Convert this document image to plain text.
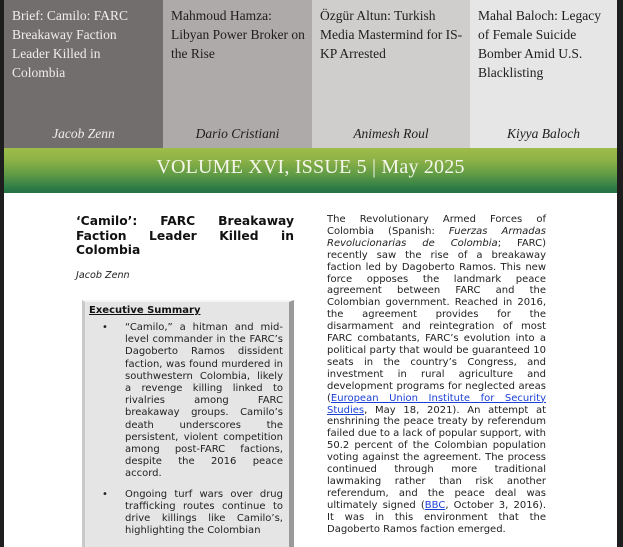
Brief: Camilo: FARC Breakaway Faction Leader Killed in Colombia
Jacob Zenn
Mahmoud Hamza: Libyan Power Broker on the Rise
Dario Cristiani
Özgür Altun: Turkish Media Mastermind for IS-KP Arrested
Animesh Roul
Mahal Baloch: Legacy of Female Suicide Bomber Amid U.S. Blacklisting
Kiyya Baloch
VOLUME XVI, ISSUE 5 | May 2025
‘Camilo’: FARC Breakaway Faction Leader Killed in Colombia
Jacob Zenn
Executive Summary
• “Camilo,” a hitman and mid-level commander in the FARC’s Dagoberto Ramos dissident faction, was found murdered in southwestern Colombia, likely a revenge killing linked to rivalries among FARC breakaway groups. Camilo’s death underscores the persistent, violent competition among post-FARC factions, despite the 2016 peace accord.
• Ongoing turf wars over drug trafficking routes continue to drive killings like Camilo’s, highlighting the Colombian

The Revolutionary Armed Forces of Colombia (Spanish: Fuerzas Armadas Revolucionarias de Colombia; FARC) recently saw the rise of a breakaway faction led by Dagoberto Ramos. This new force opposes the landmark peace agreement between FARC and the Colombian government. Reached in 2016, the agreement provides for the disarmament and reintegration of most FARC combatants, FARC’s evolution into a political party that would be guaranteed 10 seats in the country’s Congress, and investment in rural agriculture and development programs for neglected areas (European Union Institute for Security Studies, May 18, 2021). An attempt at enshrining the peace treaty by referendum failed due to a lack of popular support, with 50.2 percent of the Colombian population voting against the agreement. The process continued through more traditional lawmaking rather than risk another referendum, and the peace deal was ultimately signed (BBC, October 3, 2016). It was in this environment that the Dagoberto Ramos faction emerged.
